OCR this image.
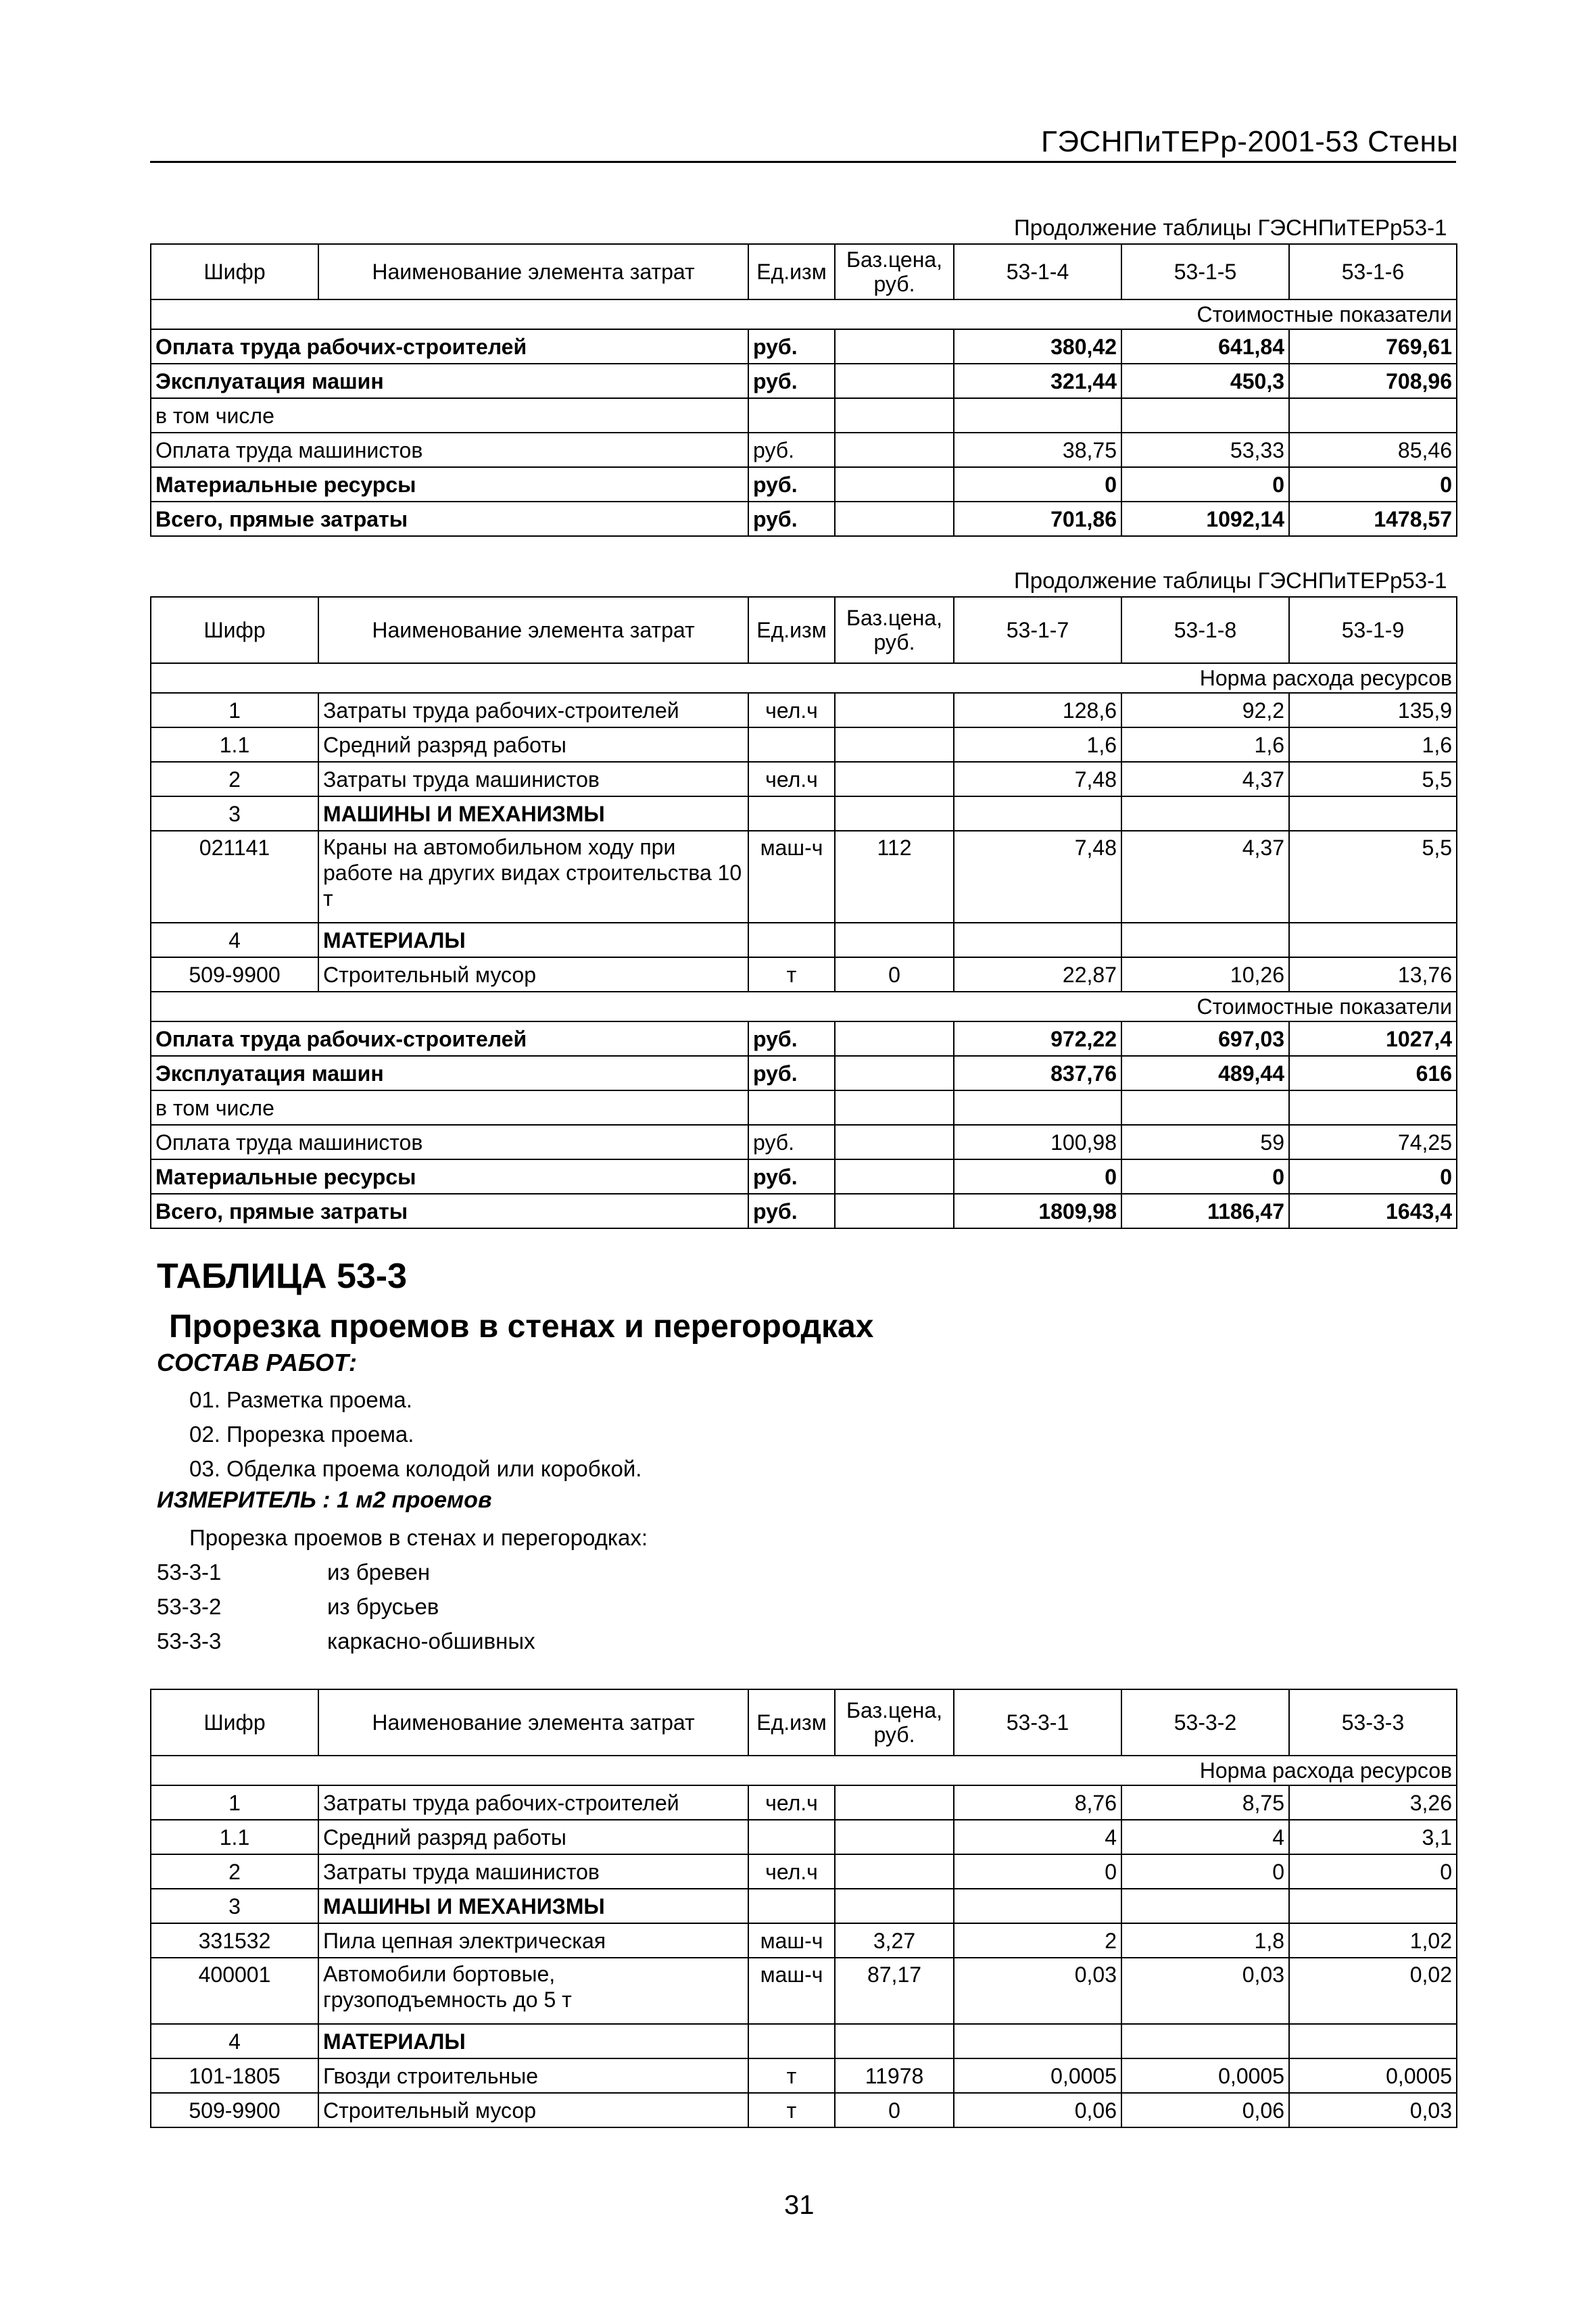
ГЭСНПиТЕРр-2001-53 Стены
Продолжение таблицы ГЭСНПиТЕРр53-1
Шифр	Наименование элемента затрат	Ед.изм	Баз.цена, руб.	53-1-4	53-1-5	53-1-6
Стоимостные показатели						
Оплата труда рабочих-строителей		руб.		380,42	641,84	769,61
Эксплуатация машин		руб.		321,44	450,3	708,96
в том числе						
Оплата труда машинистов		руб.		38,75	53,33	85,46
Материальные ресурсы		руб.		0	0	0
Всего, прямые затраты		руб.		701,86	1092,14	1478,57
Продолжение таблицы ГЭСНПиТЕРр53-1
Шифр	Наименование элемента затрат	Ед.изм	Баз.цена, руб.	53-1-7	53-1-8	53-1-9
Норма расхода ресурсов						
1	Затраты труда рабочих-строителей	чел.ч		128,6	92,2	135,9
1.1	Средний разряд работы			1,6	1,6	1,6
2	Затраты труда машинистов	чел.ч		7,48	4,37	5,5
3	МАШИНЫ И МЕХАНИЗМЫ					
021141	Краны на автомобильном ходу при работе на других видах строительства 10 т	маш-ч	112	7,48	4,37	5,5
4	МАТЕРИАЛЫ					
509-9900	Строительный мусор	т	0	22,87	10,26	13,76
Стоимостные показатели						
Оплата труда рабочих-строителей		руб.		972,22	697,03	1027,4
Эксплуатация машин		руб.		837,76	489,44	616
в том числе						
Оплата труда машинистов		руб.		100,98	59	74,25
Материальные ресурсы		руб.		0	0	0
Всего, прямые затраты		руб.		1809,98	1186,47	1643,4
ТАБЛИЦА 53-3
Прорезка проемов в стенах и перегородках
СОСТАВ РАБОТ:
01. Разметка проема.
02. Прорезка проема.
03. Обделка проема колодой или коробкой.
ИЗМЕРИТЕЛЬ : 1 м2 проемов
Прорезка проемов в стенах и перегородках:
53-3-1	из бревен
53-3-2	из брусьев
53-3-3	каркасно-обшивных
Шифр	Наименование элемента затрат	Ед.изм	Баз.цена, руб.	53-3-1	53-3-2	53-3-3
Норма расхода ресурсов						
1	Затраты труда рабочих-строителей	чел.ч		8,76	8,75	3,26
1.1	Средний разряд работы			4	4	3,1
2	Затраты труда машинистов	чел.ч		0	0	0
3	МАШИНЫ И МЕХАНИЗМЫ					
331532	Пила цепная электрическая	маш-ч	3,27	2	1,8	1,02
400001	Автомобили бортовые, грузоподъемность до 5 т	маш-ч	87,17	0,03	0,03	0,02
4	МАТЕРИАЛЫ					
101-1805	Гвозди строительные	т	11978	0,0005	0,0005	0,0005
509-9900	Строительный мусор	т	0	0,06	0,06	0,03
31
